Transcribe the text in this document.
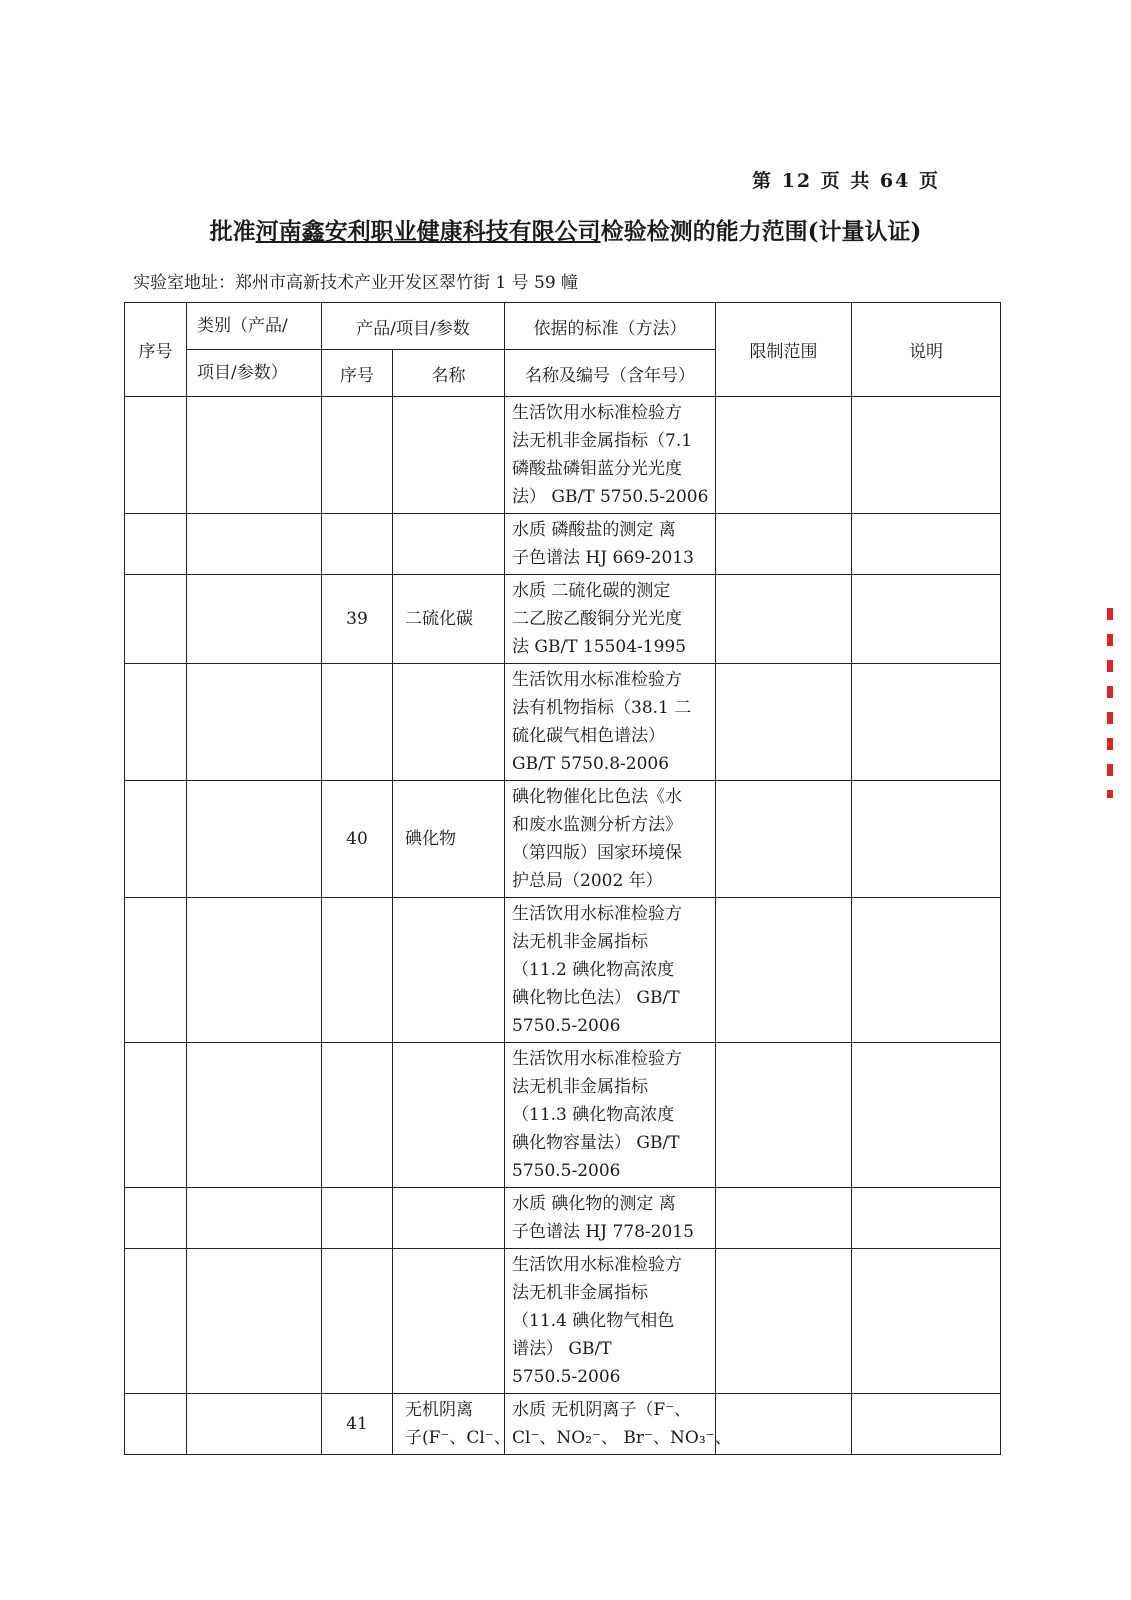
第 12 页 共 64 页
批准河南鑫安利职业健康科技有限公司检验检测的能力范围(计量认证)
实验室地址：郑州市高新技术产业开发区翠竹街 1 号 59 幢
序号	类别（产品/	产品/项目/参数		依据的标准（方法）	限制范围	说明
	项目/参数）	序号	名称	名称及编号（含年号）		

				生活饮用水标准检验方
法无机非金属指标（7.1
磷酸盐磷钼蓝分光光度
法） GB/T 5750.5-2006		

				水质 磷酸盐的测定 离
子色谱法 HJ 669-2013		

		39	二硫化碳	水质 二硫化碳的测定
二乙胺乙酸铜分光光度
法 GB/T 15504-1995		

				生活饮用水标准检验方
法有机物指标（38.1 二
硫化碳气相色谱法）
GB/T 5750.8-2006		

		40	碘化物	碘化物催化比色法《水
和废水监测分析方法》
（第四版）国家环境保
护总局（2002 年）		

				生活饮用水标准检验方
法无机非金属指标
（11.2 碘化物高浓度
碘化物比色法） GB/T
5750.5-2006		

				生活饮用水标准检验方
法无机非金属指标
（11.3 碘化物高浓度
碘化物容量法） GB/T
5750.5-2006		

				水质 碘化物的测定 离
子色谱法 HJ 778-2015		

				生活饮用水标准检验方
法无机非金属指标
（11.4 碘化物气相色
谱法） GB/T
5750.5-2006		

		41	无机阴离
子(F⁻、Cl⁻、	水质 无机阴离子（F⁻、
Cl⁻、NO₂⁻、 Br⁻、NO₃⁻、		
